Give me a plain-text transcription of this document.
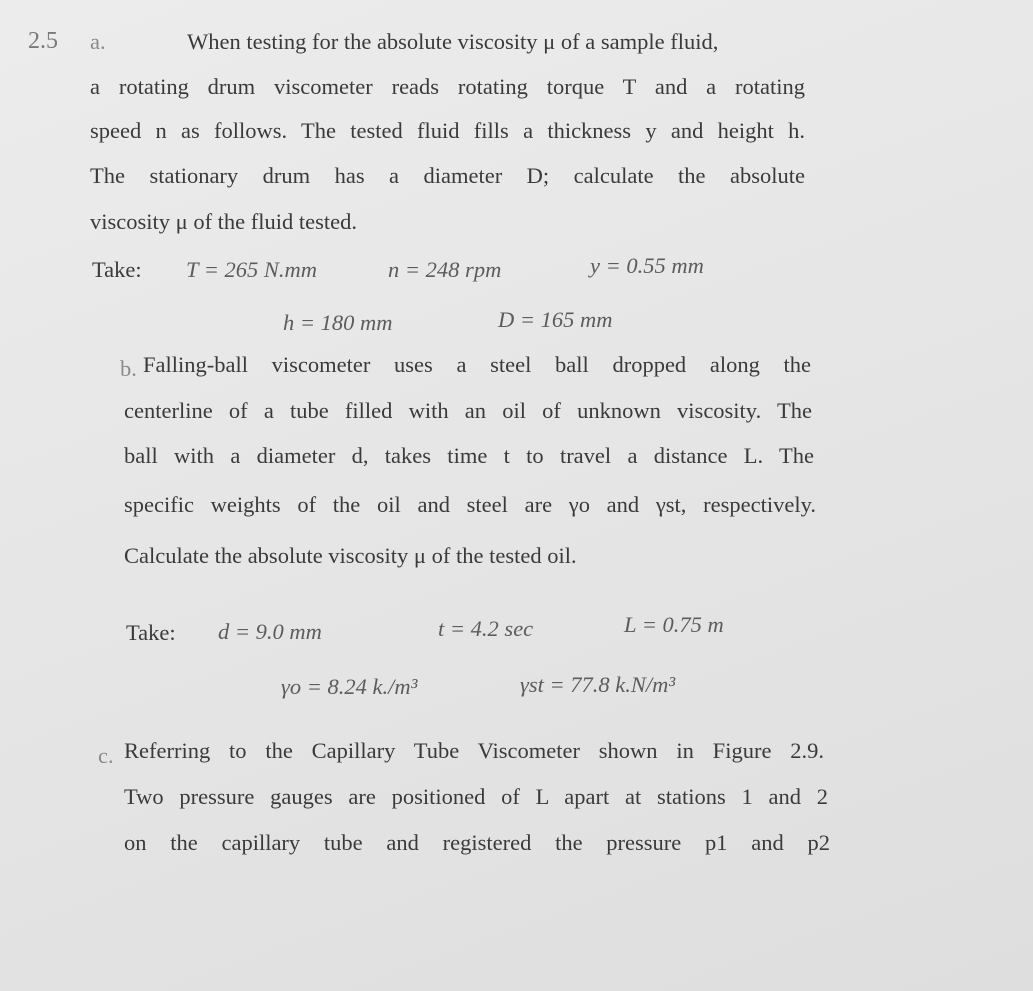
2.5 a.	When testing for the absolute viscosity μ of a sample fluid,
a rotating drum viscometer reads rotating torque T and a rotating
speed n as follows. The tested fluid fills a thickness y and height h.
The stationary drum has a diameter D; calculate the absolute
viscosity μ of the fluid tested.
Take: T = 265 N.mm	n = 248 rpm	y = 0.55 mm
h = 180 mm	D = 165 mm
b. Falling-ball viscometer uses a steel ball dropped along the
centerline of a tube filled with an oil of unknown viscosity. The
ball with a diameter d, takes time t to travel a distance L. The
specific weights of the oil and steel are γo and γst, respectively.
Calculate the absolute viscosity μ of the tested oil.
Take: d = 9.0 mm	t = 4.2 sec	L = 0.75 m
γo = 8.24 k./m³	γst = 77.8 k.N/m³
c. Referring to the Capillary Tube Viscometer shown in Figure 2.9.
Two pressure gauges are positioned of L apart at stations 1 and 2
on the capillary tube and registered the pressure p1 and p2
